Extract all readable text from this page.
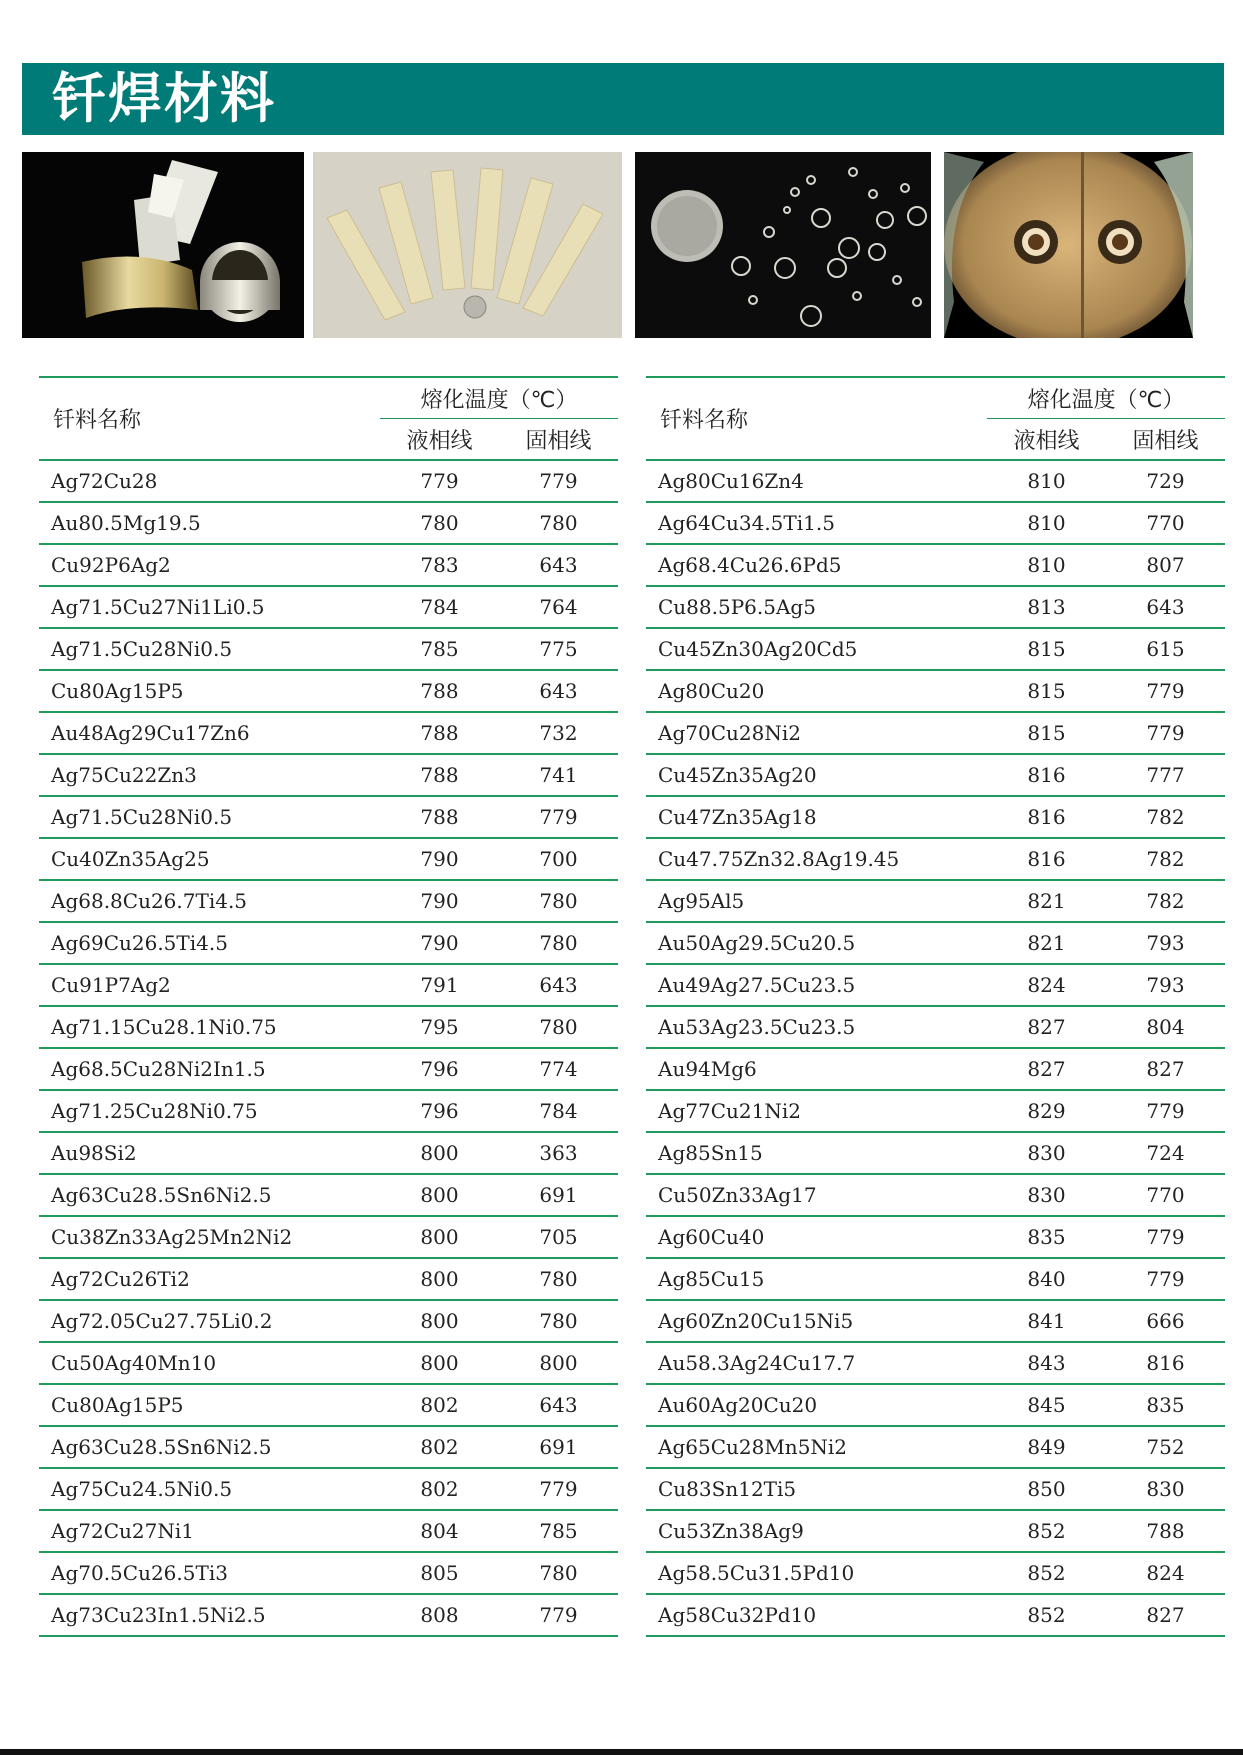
钎焊材料
钎料名称	熔化温度（℃）	
	液相线	固相线
Ag72Cu28	779	779
Au80.5Mg19.5	780	780
Cu92P6Ag2	783	643
Ag71.5Cu27Ni1Li0.5	784	764
Ag71.5Cu28Ni0.5	785	775
Cu80Ag15P5	788	643
Au48Ag29Cu17Zn6	788	732
Ag75Cu22Zn3	788	741
Ag71.5Cu28Ni0.5	788	779
Cu40Zn35Ag25	790	700
Ag68.8Cu26.7Ti4.5	790	780
Ag69Cu26.5Ti4.5	790	780
Cu91P7Ag2	791	643
Ag71.15Cu28.1Ni0.75	795	780
Ag68.5Cu28Ni2In1.5	796	774
Ag71.25Cu28Ni0.75	796	784
Au98Si2	800	363
Ag63Cu28.5Sn6Ni2.5	800	691
Cu38Zn33Ag25Mn2Ni2	800	705
Ag72Cu26Ti2	800	780
Ag72.05Cu27.75Li0.2	800	780
Cu50Ag40Mn10	800	800
Cu80Ag15P5	802	643
Ag63Cu28.5Sn6Ni2.5	802	691
Ag75Cu24.5Ni0.5	802	779
Ag72Cu27Ni1	804	785
Ag70.5Cu26.5Ti3	805	780
Ag73Cu23In1.5Ni2.5	808	779
钎料名称	熔化温度（℃）	
	液相线	固相线
Ag80Cu16Zn4	810	729
Ag64Cu34.5Ti1.5	810	770
Ag68.4Cu26.6Pd5	810	807
Cu88.5P6.5Ag5	813	643
Cu45Zn30Ag20Cd5	815	615
Ag80Cu20	815	779
Ag70Cu28Ni2	815	779
Cu45Zn35Ag20	816	777
Cu47Zn35Ag18	816	782
Cu47.75Zn32.8Ag19.45	816	782
Ag95Al5	821	782
Au50Ag29.5Cu20.5	821	793
Au49Ag27.5Cu23.5	824	793
Au53Ag23.5Cu23.5	827	804
Au94Mg6	827	827
Ag77Cu21Ni2	829	779
Ag85Sn15	830	724
Cu50Zn33Ag17	830	770
Ag60Cu40	835	779
Ag85Cu15	840	779
Ag60Zn20Cu15Ni5	841	666
Au58.3Ag24Cu17.7	843	816
Au60Ag20Cu20	845	835
Ag65Cu28Mn5Ni2	849	752
Cu83Sn12Ti5	850	830
Cu53Zn38Ag9	852	788
Ag58.5Cu31.5Pd10	852	824
Ag58Cu32Pd10	852	827
